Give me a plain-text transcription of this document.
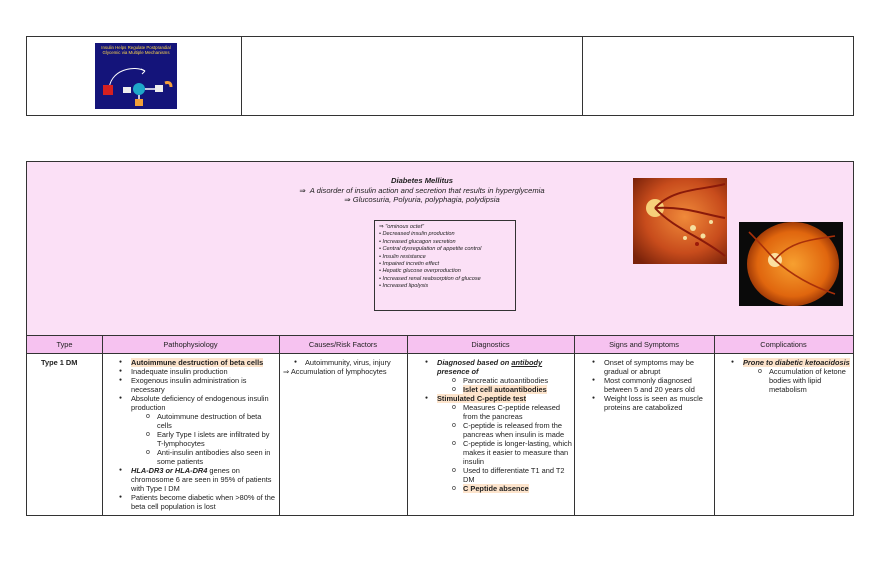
Insulin Helps Regulate Postprandial Glycemic via Multiple Mechanisms
Diabetes Mellitus
⇒  A disorder of insulin action and secretion that results in hyperglycemia
⇒ Glucosuria, Polyuria, polyphagia, polydipsia
⇒ "ominous octet"
• Decreased insulin production
• Increased glucagon secretion
• Central dysregulation of appetite control
• Insulin resistance
• Impaired incretin effect
• Hepatic glucose overproduction
• Increased renal reabsorption of glucose
• Increased lipolysis
Type	Pathophysiology	Causes/Risk Factors	Diagnostics	Signs and Symptoms	Complications
Type 1 DM
●	Autoimmune destruction of beta cells
● Inadequate insulin production
● Exogenous insulin administration is necessary
● Absolute deficiency of endogenous insulin production
o Autoimmune destruction of beta cells
o Early Type I islets are infiltrated by T-lymphocytes
o Anti-insulin antibodies also seen in some patients
● HLA-DR3 or HLA-DR4 genes on chromosome 6 are seen in 95% of patients with Type I DM
● Patients become diabetic when >80% of the beta cell population is lost
● Autoimmunity, virus, injury
⇒ Accumulation of lymphocytes
● Diagnosed based on antibody presence of
o Pancreatic autoantibodies
o Islet cell autoantibodies
● Stimulated C-peptide test
o Measures C-peptide released from the pancreas
o C-peptide is released from the pancreas when insulin is made
o C-peptide is longer-lasting, which makes it easier to measure than insulin
o Used to differentiate T1 and T2 DM
o C Peptide absence
● Onset of symptoms may be gradual or abrupt
● Most commonly diagnosed between 5 and 20 years old
● Weight loss is seen as muscle proteins are catabolized
● Prone to diabetic ketoacidosis
o Accumulation of ketone bodies with lipid metabolism
